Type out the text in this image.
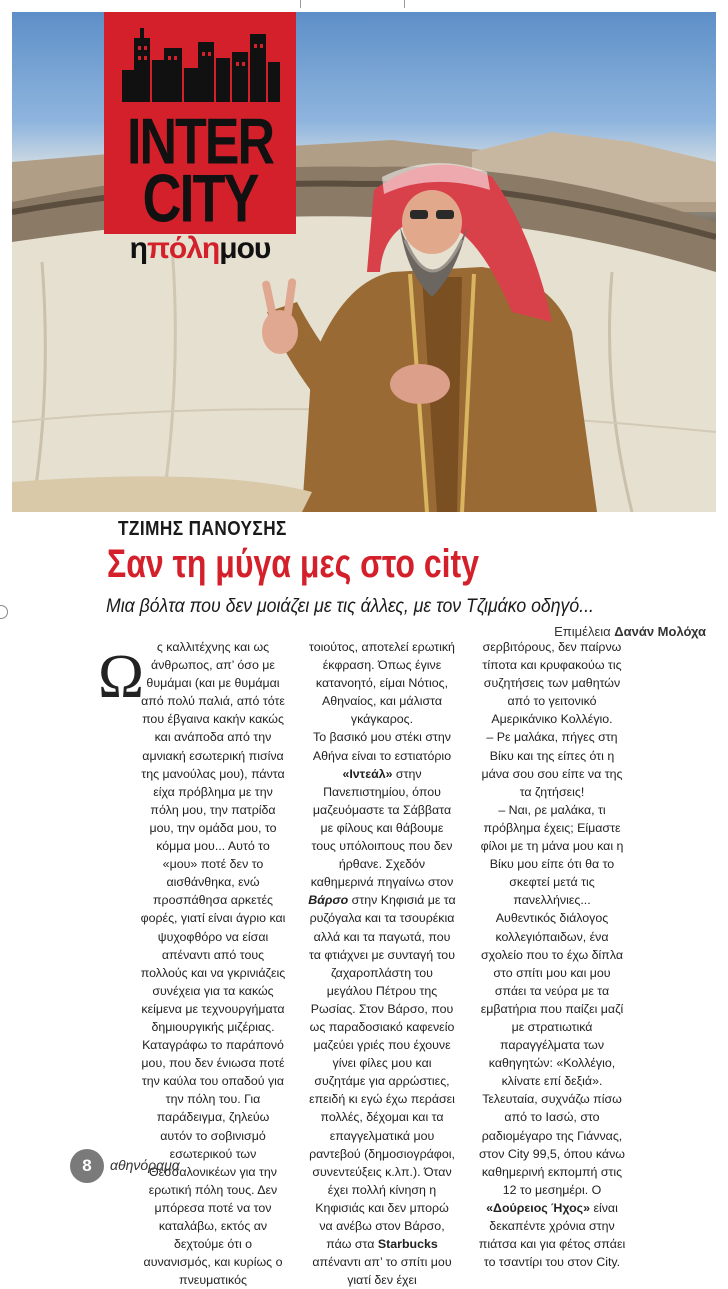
INTER
CITY
ηπόλημου
ΤΖΙΜΗΣ ΠΑΝΟΥΣΗΣ
Σαν τη μύγα μες στο city
Μια βόλτα που δεν μοιάζει με τις άλλες, με τον Τζιμάκο οδηγό...
Επιμέλεια Δανάν Μολόχα
Ω	ς καλλιτέχνης και ως άνθρωπος, απ’ όσο με θυμάμαι (και με θυμάμαι από πολύ παλιά, από τότε που έβγαινα κακήν κακώς και ανάποδα από την αμνιακή εσωτερική πισίνα της μανούλας μου), πάντα είχα πρόβλημα με την πόλη μου, την πατρίδα μου, την ομάδα μου, το κόμμα μου... Αυτό το «μου» ποτέ δεν το αισθάνθηκα, ενώ προσπάθησα αρκετές φορές, γιατί είναι άγριο και ψυχοφθόρο να είσαι απέναντι από τους πολλούς και να γκρινιάζεις συνέχεια για τα κακώς κείμενα με τεχνουργήματα δημιουργικής μιζέριας. Καταγράφω το παράπονό μου, που δεν ένιωσα ποτέ την καύλα του οπαδού για την πόλη του. Για παράδειγμα, ζηλεύω αυτόν το σοβινισμό εσωτερικού των Θεσσαλονικέων για την ερωτική πόλη τους. Δεν μπόρεσα ποτέ να τον καταλάβω, εκτός αν δεχτούμε ότι ο αυνανισμός, και κυρίως ο πνευματικός

τοιούτος, αποτελεί ερωτική έκφραση. Όπως έγινε κατανοητό, είμαι Νότιος, Αθηναίος, και μάλιστα γκάγκαρος.

Το βασικό μου στέκι στην Αθήνα είναι το εστιατόριο «Ιντεάλ» στην Πανεπιστημίου, όπου μαζευόμαστε τα Σάββατα με φίλους και θάβουμε τους υπόλοιπους που δεν ήρθανε. Σχεδόν καθημερινά πηγαίνω στον Βάρσο στην Κηφισιά με τα ρυζόγαλα και τα τσουρέκια αλλά και τα παγωτά, που τα φτιάχνει με συνταγή του ζαχαροπλάστη του μεγάλου Πέτρου της Ρωσίας. Στον Βάρσο, που ως παραδοσιακό καφενείο μαζεύει γριές που έχουνε γίνει φίλες μου και συζητάμε για αρρώστιες, επειδή κι εγώ έχω περάσει πολλές, δέχομαι και τα επαγγελματικά μου ραντεβού (δημοσιογράφοι, συνεντεύξεις κ.λπ.). Όταν έχει πολλή κίνηση η Κηφισιάς και δεν μπορώ να ανέβω στον Βάρσο, πάω στα Starbucks απέναντι απ’ το σπίτι μου γιατί δεν έχει

σερβιτόρους, δεν παίρνω τίποτα και κρυφακούω τις συζητήσεις των μαθητών από το γειτονικό Αμερικάνικο Κολλέγιο.

– Ρε μαλάκα, πήγες στη Βίκυ και της είπες ότι η μάνα σου σου είπε να της τα ζητήσεις!

– Ναι, ρε μαλάκα, τι πρόβλημα έχεις; Είμαστε φίλοι με τη μάνα μου και η Βίκυ μου είπε ότι θα το σκεφτεί μετά τις πανελλήνιες...

Αυθεντικός διάλογος κολλεγιόπαιδων, ένα σχολείο που το έχω δίπλα στο σπίτι μου και μου σπάει τα νεύρα με τα εμβατήρια που παίζει μαζί με στρατιωτικά παραγγέλματα των καθηγητών: «Κολλέγιο, κλίνατε επί δεξιά».

Τελευταία, συχνάζω πίσω από το Ιασώ, στο ραδιομέγαρο της Γιάννας, στον City 99,5, όπου κάνω καθημερινή εκπομπή στις 12 το μεσημέρι. Ο «Δούρειος Ήχος» είναι δεκαπέντε χρόνια στην πιάτσα και για φέτος σπάει το τσαντίρι του στον City.

8	αθηνόραμα
